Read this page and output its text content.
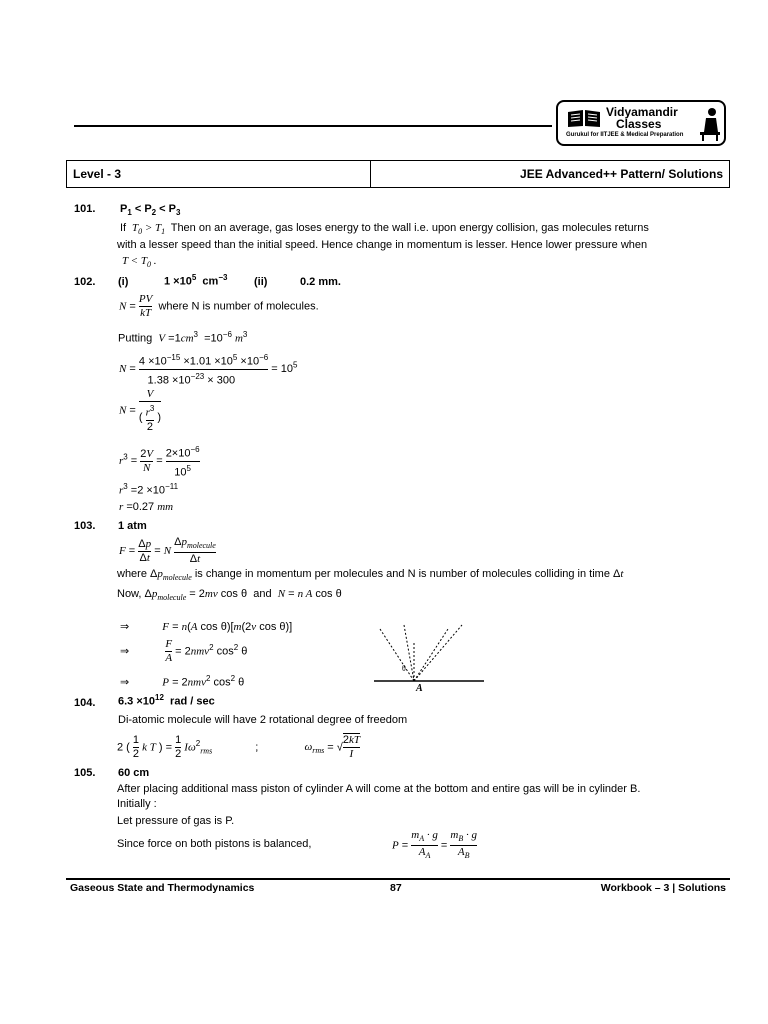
Vidyamandir
Classes
Gurukul for IITJEE & Medical Preparation
Level - 3	JEE Advanced++ Pattern/ Solutions
101. $P_1 < P_2 < P_3$
If  $T_0 > T_1$ Then on an average, gas loses energy to the wall i.e. upon energy collision, gas molecules returns
with a lesser speed than the initial speed. Hence change in momentum is lesser. Hence lower pressure when
$T < T_0$ .
102. (i)	$1 \times 10^5$ $cm^{-3}$ (ii)	0.2 mm.
$N = \frac{PV}{kT}$ where N is number of molecules.
Putting $V =1cm^3 =10^{-6}$ $m^3$
$N = \frac{4 \times 10^{-15} \times 1.01 \times 10^5 \times 10^{-6}}{1.38 \times 10^{-23} \times 300} = 10^5$
$N = \frac{V}{( \frac{r^3}{2} )}$
$r^3 = \frac{2V}{N} = \frac{2\times 10^{-6}}{10^5}$
$r^3 =2 \times 10^{-11}$
r =0.27 mm
103. 1 atm
$F = \frac{\Delta p}{\Delta t} = N \frac{\Delta p_{molecule}}{\Delta t}$
where $\Delta p_{molecule}$ is change in momentum per molecules and N is number of molecules colliding in time Δt
Now, $\Delta p_{molecule} = 2mv$ cos θ  and N = n A cos θ
⇒	F = n(A cos θ)[m(2v cos θ)]
⇒	$\frac{F}{A} = 2nmv^2$ $\cos^2 \theta$
⇒	P = 2nmv$^2$ $\cos^2 \theta$	A
θ
104. $6.3 \times 10^{12}$ rad / sec
Di-atomic molecule will have 2 rotational degree of freedom
2 ( $\frac{1}{2}$ k T ) = $\frac{1}{2} I\omega^2_{rms}$	;	$\omega_{rms}$ = √ $\frac{2kT}{I}$
105. 60 cm
After placing additional mass piston of cylinder A will come at the bottom and entire gas will be in cylinder B.
Initially :
Let pressure of gas is P.
Since force on both pistons is balanced,	$P = \frac{m_A \cdot g}{A_A} = \frac{m_B \cdot g}{A_B}$
Gaseous State and Thermodynamics	87	Workbook – 3 | Solutions
